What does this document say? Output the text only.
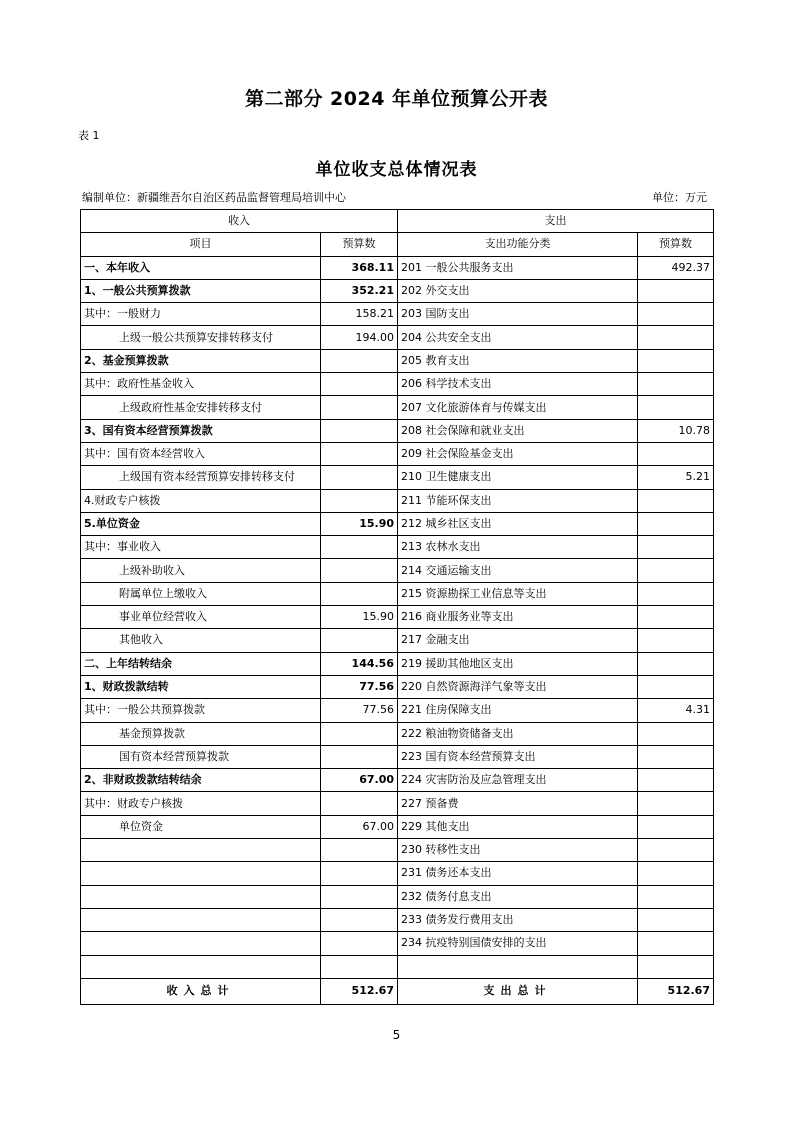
第二部分 2024 年单位预算公开表
表 1
单位收支总体情况表
编制单位：新疆维吾尔自治区药品监督管理局培训中心	单位：万元
收入		支出	
项目	预算数	支出功能分类	预算数
一、本年收入	368.11	201 一般公共服务支出	492.37
1、一般公共预算拨款	352.21	202 外交支出	
其中：一般财力	158.21	203 国防支出	
上级一般公共预算安排转移支付	194.00	204 公共安全支出	
2、基金预算拨款		205 教育支出	
其中：政府性基金收入		206 科学技术支出	
上级政府性基金安排转移支付		207 文化旅游体育与传媒支出	
3、国有资本经营预算拨款		208 社会保障和就业支出	10.78
其中：国有资本经营收入		209 社会保险基金支出	
上级国有资本经营预算安排转移支付		210 卫生健康支出	5.21
4.财政专户核拨		211 节能环保支出	
5.单位资金	15.90	212 城乡社区支出	
其中：事业收入		213 农林水支出	
上级补助收入		214 交通运输支出	
附属单位上缴收入		215 资源勘探工业信息等支出	
事业单位经营收入	15.90	216 商业服务业等支出	
其他收入		217 金融支出	
二、上年结转结余	144.56	219 援助其他地区支出	
1、财政拨款结转	77.56	220 自然资源海洋气象等支出	
其中：一般公共预算拨款	77.56	221 住房保障支出	4.31
基金预算拨款		222 粮油物资储备支出	
国有资本经营预算拨款		223 国有资本经营预算支出	
2、非财政拨款结转结余	67.00	224 灾害防治及应急管理支出	
其中：财政专户核拨		227 预备费	
单位资金	67.00	229 其他支出	
		230 转移性支出	
		231 债务还本支出	
		232 债务付息支出	
		233 债务发行费用支出	
		234 抗疫特别国债安排的支出	

收入总计	512.67	支出总计	512.67
5
